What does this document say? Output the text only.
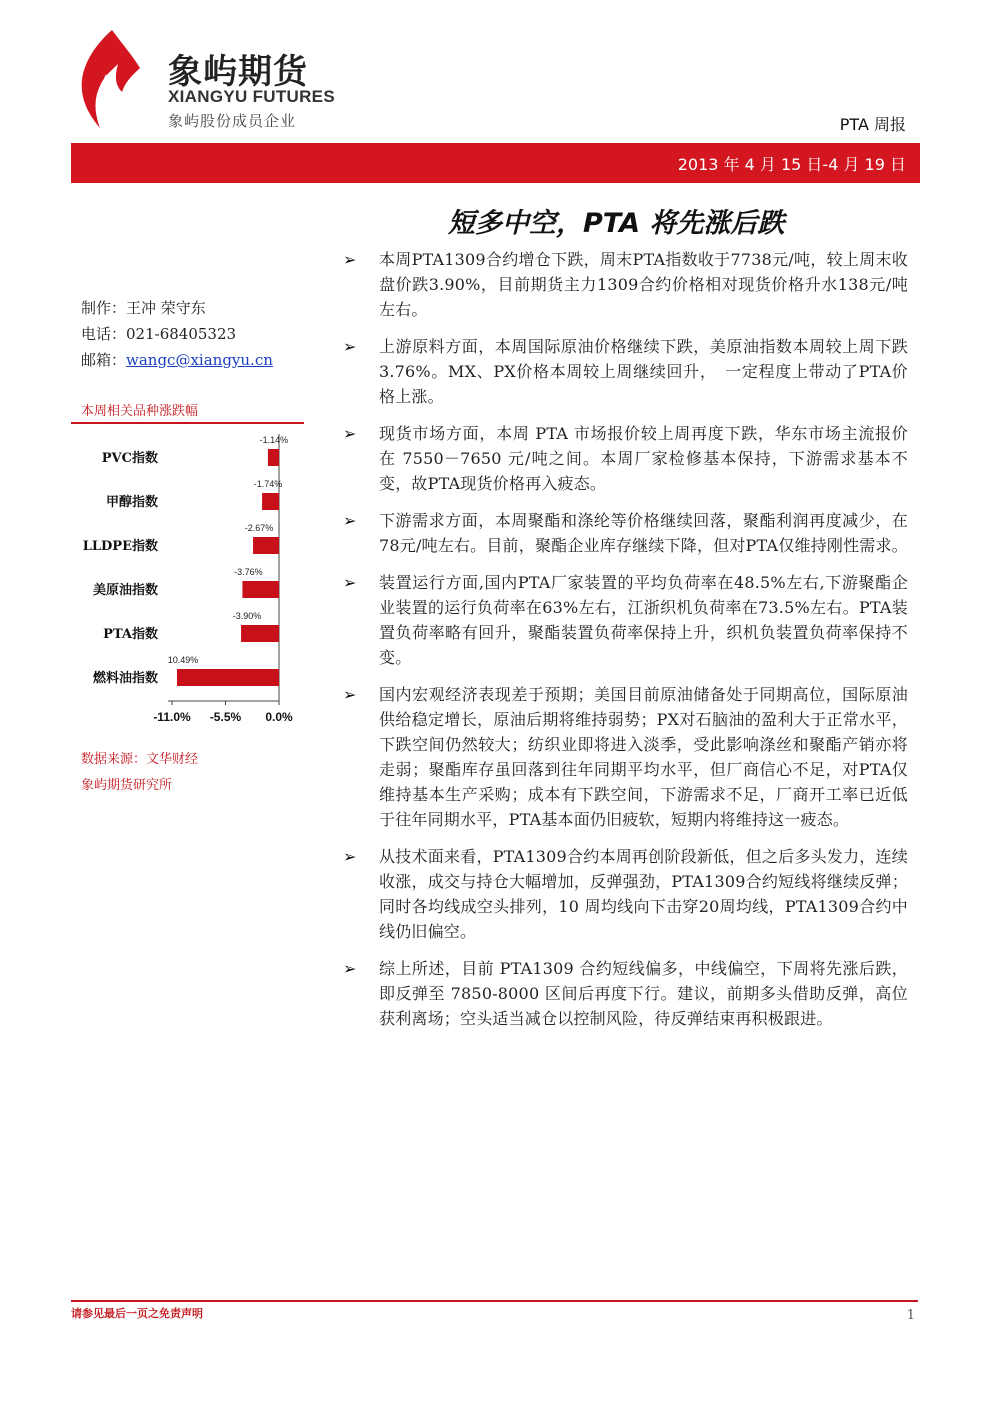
象屿期货
XIANGYU FUTURES
象屿股份成员企业	PTA 周报
2013 年 4 月 15 日-4 月 19 日
短多中空，PTA 将先涨后跌
制作：王冲 荣守东
电话：021-68405323
邮箱：wangc@xiangyu.cn
本周相关品种涨跌幅
PVC指数
甲醇指数
LLDPE指数
美原油指数
PTA指数
燃料油指数
-1.14%
-1.74%
-2.67%
-3.76%
-3.90%
10.49%
-11.0% -5.5% 0.0%
数据来源：文华财经
象屿期货研究所
➢ 本周PTA1309合约增仓下跌，周末PTA指数收于7738元/吨，较上周末收盘价跌3.90%，目前期货主力1309合约价格相对现货价格升水138元/吨左右。
➢ 上游原料方面，本周国际原油价格继续下跌，美原油指数本周较上周下跌3.76%。MX、PX价格本周较上周继续回升，　一定程度上带动了PTA价格上涨。
➢ 现货市场方面，本周 PTA 市场报价较上周再度下跌，华东市场主流报价在 7550－7650 元/吨之间。本周厂家检修基本保持，下游需求基本不变，故PTA现货价格再入疲态。
➢ 下游需求方面，本周聚酯和涤纶等价格继续回落，聚酯利润再度减少，在78元/吨左右。目前，聚酯企业库存继续下降，但对PTA仅维持刚性需求。
➢ 装置运行方面,国内PTA厂家装置的平均负荷率在48.5%左右,下游聚酯企业装置的运行负荷率在63%左右，江浙织机负荷率在73.5%左右。PTA装置负荷率略有回升，聚酯装置负荷率保持上升，织机负装置负荷率保持不变。
➢ 国内宏观经济表现差于预期；美国目前原油储备处于同期高位，国际原油供给稳定增长，原油后期将维持弱势；PX对石脑油的盈利大于正常水平，下跌空间仍然较大；纺织业即将进入淡季，受此影响涤丝和聚酯产销亦将走弱；聚酯库存虽回落到往年同期平均水平，但厂商信心不足，对PTA仅维持基本生产采购；成本有下跌空间，下游需求不足，厂商开工率已近低于往年同期水平，PTA基本面仍旧疲软，短期内将维持这一疲态。
➢ 从技术面来看，PTA1309合约本周再创阶段新低，但之后多头发力，连续收涨，成交与持仓大幅增加，反弹强劲，PTA1309合约短线将继续反弹；同时各均线成空头排列，10 周均线向下击穿20周均线，PTA1309合约中线仍旧偏空。
➢ 综上所述，目前 PTA1309 合约短线偏多，中线偏空，下周将先涨后跌，即反弹至 7850-8000 区间后再度下行。建议，前期多头借助反弹，高位获利离场；空头适当减仓以控制风险，待反弹结束再积极跟进。
请参见最后一页之免责声明	1
